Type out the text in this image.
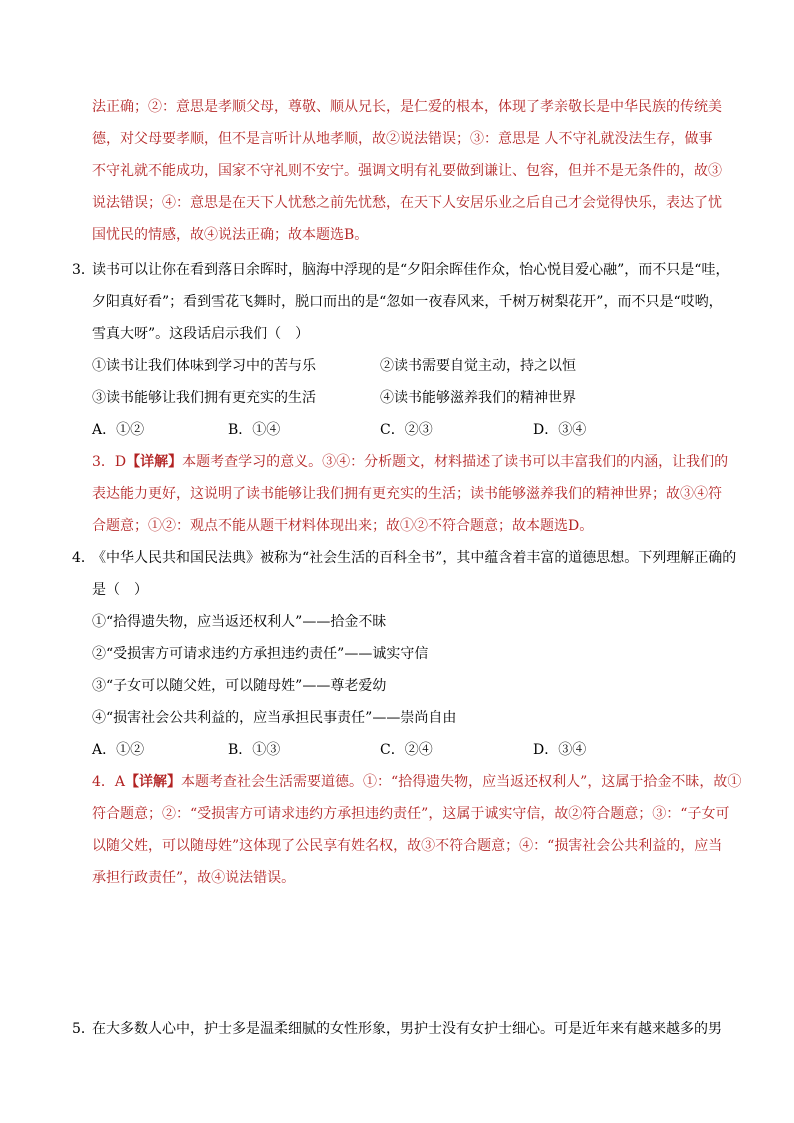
法正确；②：意思是孝顺父母，尊敬、顺从兄长，是仁爱的根本，体现了孝亲敬长是中华民族的传统美
德，对父母要孝顺，但不是言听计从地孝顺，故②说法错误；③：意思是 人不守礼就没法生存，做事
不守礼就不能成功，国家不守礼则不安宁。强调文明有礼要做到谦让、包容，但并不是无条件的，故③
说法错误；④：意思是在天下人忧愁之前先忧愁，在天下人安居乐业之后自己才会觉得快乐，表达了忧
国忧民的情感，故④说法正确；故本题选B。
3．
读书可以让你在看到落日余晖时，脑海中浮现的是“夕阳余晖佳作众，怡心悦目爱心融”，而不只是“哇，
夕阳真好看”；看到雪花飞舞时，脱口而出的是“忽如一夜春风来，千树万树梨花开”，而不只是“哎哟，
雪真大呀”。这段话启示我们（　）
①读书让我们体味到学习中的苦与乐	②读书需要自觉主动，持之以恒
③读书能够让我们拥有更充实的生活	④读书能够滋养我们的精神世界
A．①②	B．①④	C．②③	D．③④
3．D【详解】本题考查学习的意义。③④：分析题文，材料描述了读书可以丰富我们的内涵，让我们的
表达能力更好，这说明了读书能够让我们拥有更充实的生活；读书能够滋养我们的精神世界；故③④符
合题意；①②：观点不能从题干材料体现出来；故①②不符合题意；故本题选D。
4．
《中华人民共和国民法典》被称为“社会生活的百科全书”，其中蕴含着丰富的道德思想。下列理解正确的
是（　）
①“拾得遗失物，应当返还权利人”——拾金不昧
②“受损害方可请求违约方承担违约责任”——诚实守信
③“子女可以随父姓，可以随母姓”——尊老爱幼
④“损害社会公共利益的，应当承担民事责任”——崇尚自由
A．①②	B．①③	C．②④	D．③④
4．A【详解】本题考查社会生活需要道德。①：“拾得遗失物，应当返还权利人”，这属于拾金不昧，故①
符合题意；②：“受损害方可请求违约方承担违约责任”，这属于诚实守信，故②符合题意；③：“子女可
以随父姓，可以随母姓”这体现了公民享有姓名权，故③不符合题意；④：“损害社会公共利益的，应当
承担行政责任”，故④说法错误。
5．
在大多数人心中，护士多是温柔细腻的女性形象，男护士没有女护士细心。可是近年来有越来越多的男
